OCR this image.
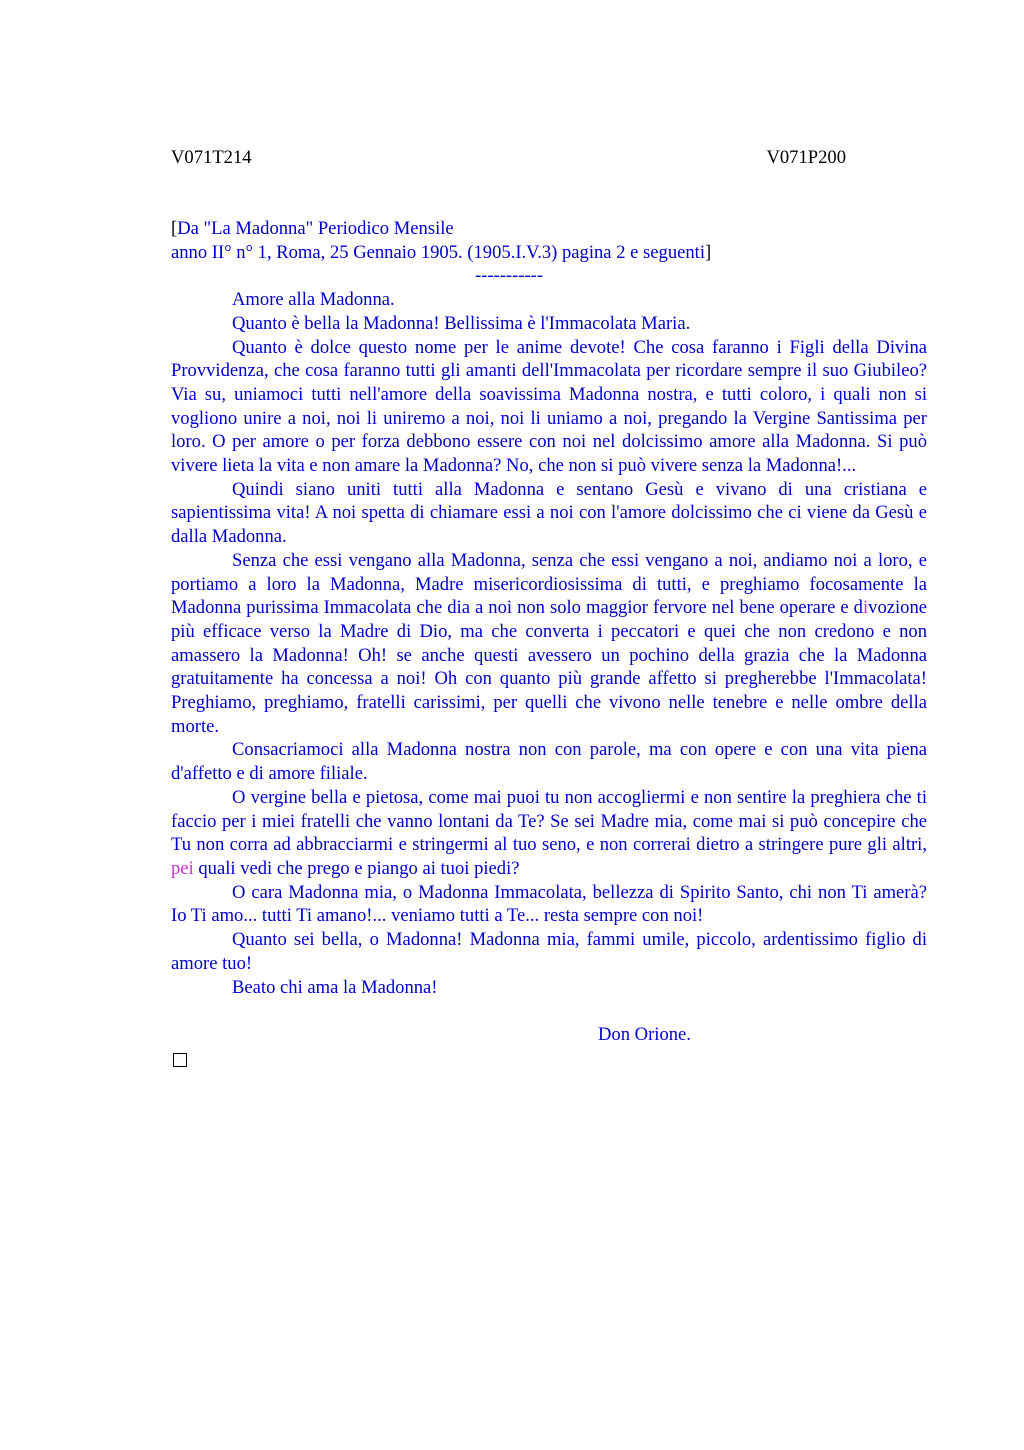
V071T214	V071P200
[Da "La Madonna" Periodico Mensile
anno II° n° 1, Roma, 25 Gennaio 1905. (1905.I.V.3) pagina 2 e seguenti]
-----------

Amore alla Madonna.

Quanto è bella la Madonna! Bellissima è l'Immacolata Maria.

Quanto è dolce questo nome per le anime devote! Che cosa faranno i Figli della Divina Provvidenza, che cosa faranno tutti gli amanti dell'Immacolata per ricordare sempre il suo Giubileo? Via su, uniamoci tutti nell'amore della soavissima Madonna nostra, e tutti coloro, i quali non si vogliono unire a noi, noi li uniremo a noi, noi li uniamo a noi, pregando la Vergine Santissima per loro. O per amore o per forza debbono essere con noi nel dolcissimo amore alla Madonna. Si può vivere lieta la vita e non amare la Madonna? No, che non si può vivere senza la Madonna!...

Quindi siano uniti tutti alla Madonna e sentano Gesù e vivano di una cristiana e sapientissima vita! A noi spetta di chiamare essi a noi con l'amore dolcissimo che ci viene da Gesù e dalla Madonna.

Senza che essi vengano alla Madonna, senza che essi vengano a noi, andiamo noi a loro, e portiamo a loro la Madonna, Madre misericordiosissima di tutti, e preghiamo focosamente la Madonna purissima Immacolata che dia a noi non solo maggior fervore nel bene operare e divozione più efficace verso la Madre di Dio, ma che converta i peccatori e quei che non credono e non amassero la Madonna! Oh! se anche questi avessero un pochino della grazia che la Madonna gratuitamente ha concessa a noi! Oh con quanto più grande affetto si pregherebbe l'Immacolata! Preghiamo, preghiamo, fratelli carissimi, per quelli che vivono nelle tenebre e nelle ombre della morte.

Consacriamoci alla Madonna nostra non con parole, ma con opere e con una vita piena d'affetto e di amore filiale.

O vergine bella e pietosa, come mai puoi tu non accogliermi e non sentire la preghiera che ti faccio per i miei fratelli che vanno lontani da Te? Se sei Madre mia, come mai si può concepire che Tu non corra ad abbracciarmi e stringermi al tuo seno, e non correrai dietro a stringere pure gli altri, pei quali vedi che prego e piango ai tuoi piedi?

O cara Madonna mia, o Madonna Immacolata, bellezza di Spirito Santo, chi non Ti amerà? Io Ti amo... tutti Ti amano!... veniamo tutti a Te... resta sempre con noi!

Quanto sei bella, o Madonna! Madonna mia, fammi umile, piccolo, ardentissimo figlio di amore tuo!

Beato chi ama la Madonna!

Don Orione.
